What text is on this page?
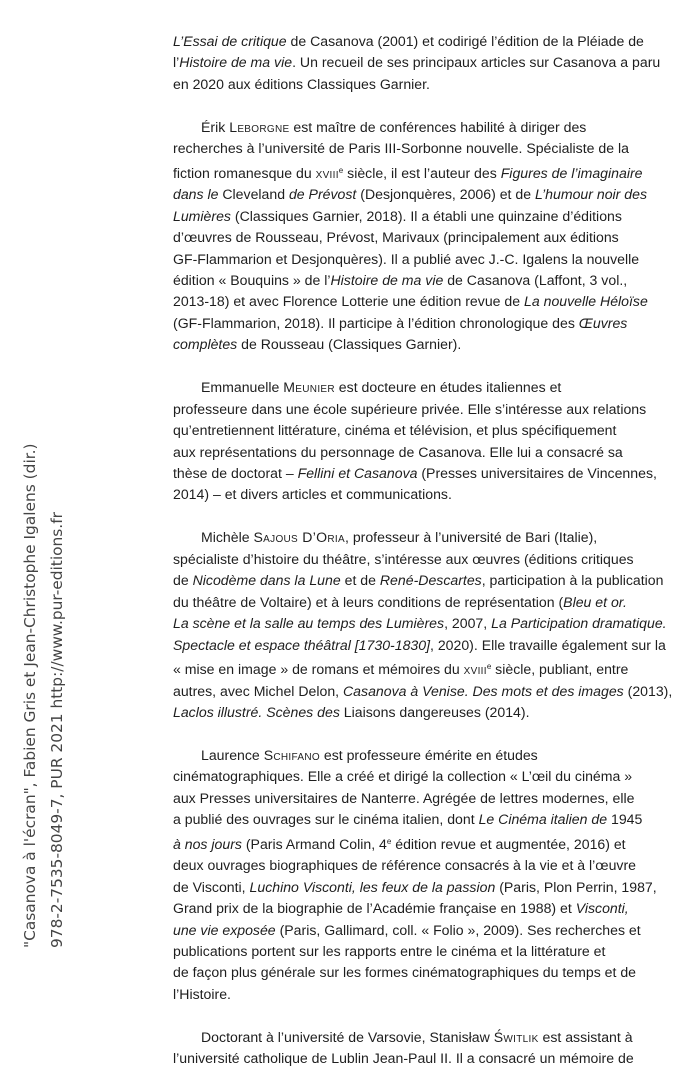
"Casanova à l'écran", Fabien Gris et Jean-Christophe Igalens (dir.) 978-2-7535-8049-7, PUR 2021 http://www.pur-editions.fr
L’Essai de critique de Casanova (2001) et codirigé l’édition de la Pléiade de
l’Histoire de ma vie. Un recueil de ses principaux articles sur Casanova a paru
en 2020 aux éditions Classiques Garnier.
Érik Leborgne est maître de conférences habilité à diriger des
recherches à l’université de Paris III-Sorbonne nouvelle. Spécialiste de la
fiction romanesque du xviii$^e$ siècle, il est l’auteur des Figures de l’imaginaire
dans le Cleveland de Prévost (Desjonquères, 2006) et de L’humour noir des
Lumières (Classiques Garnier, 2018). Il a établi une quinzaine d’éditions
d’œuvres de Rousseau, Prévost, Marivaux (principalement aux éditions
GF-Flammarion et Desjonquères). Il a publié avec J.-C. Igalens la nouvelle
édition « Bouquins » de l’Histoire de ma vie de Casanova (Laffont, 3 vol.,
2013-18) et avec Florence Lotterie une édition revue de La nouvelle Héloïse
(GF-Flammarion, 2018). Il participe à l’édition chronologique des Œuvres
complètes de Rousseau (Classiques Garnier).
Emmanuelle Meunier est docteure en études italiennes et
professeure dans une école supérieure privée. Elle s’intéresse aux relations
qu’entretiennent littérature, cinéma et télévision, et plus spécifiquement
aux représentations du personnage de Casanova. Elle lui a consacré sa
thèse de doctorat – Fellini et Casanova (Presses universitaires de Vincennes,
2014) – et divers articles et communications.
Michèle Sajous D’Oria, professeur à l’université de Bari (Italie),
spécialiste d’histoire du théâtre, s’intéresse aux œuvres (éditions critiques
de Nicodème dans la Lune et de René-Descartes, participation à la publication
du théâtre de Voltaire) et à leurs conditions de représentation (Bleu et or.
La scène et la salle au temps des Lumières, 2007, La Participation dramatique.
Spectacle et espace théâtral [1730-1830], 2020). Elle travaille également sur la
« mise en image » de romans et mémoires du xviii$^e$ siècle, publiant, entre
autres, avec Michel Delon, Casanova à Venise. Des mots et des images (2013),
Laclos illustré. Scènes des Liaisons dangereuses (2014).
Laurence Schifano est professeure émérite en études
cinématographiques. Elle a créé et dirigé la collection « L’œil du cinéma »
aux Presses universitaires de Nanterre. Agrégée de lettres modernes, elle
a publié des ouvrages sur le cinéma italien, dont Le Cinéma italien de 1945
à nos jours (Paris Armand Colin, 4e édition revue et augmentée, 2016) et
deux ouvrages biographiques de référence consacrés à la vie et à l’œuvre
de Visconti, Luchino Visconti, les feux de la passion (Paris, Plon Perrin, 1987,
Grand prix de la biographie de l’Académie française en 1988) et Visconti,
une vie exposée (Paris, Gallimard, coll. « Folio », 2009). Ses recherches et
publications portent sur les rapports entre le cinéma et la littérature et
de façon plus générale sur les formes cinématographiques du temps et de
l’Histoire.
Doctorant à l’université de Varsovie, Stanisław Świtlik est assistant à
l’université catholique de Lublin Jean-Paul II. Il a consacré un mémoire de
